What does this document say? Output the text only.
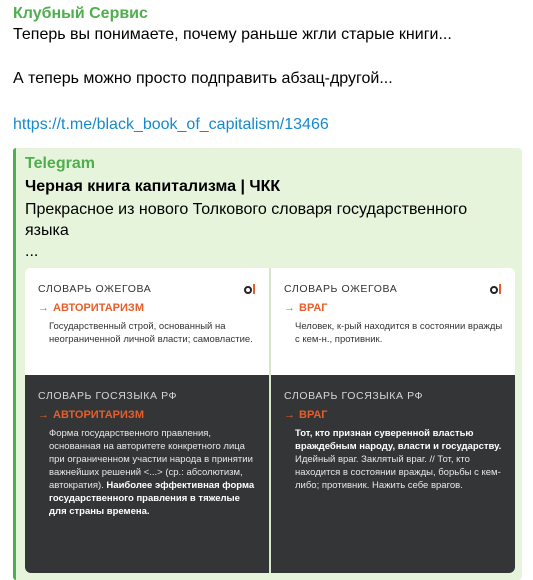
Клубный Сервис
Теперь вы понимаете, почему раньше жгли старые книги...
А теперь можно просто подправить абзац-другой...
https://t.me/black_book_of_capitalism/13466
Telegram
Черная книга капитализма | ЧКК
Прекрасное из нового Толкового словаря государственного языка
...
СЛОВАРЬ ОЖЕГОВА
→ АВТОРИТАРИЗМ
Государственный строй, основанный на неограниченной личной власти; самовластие.
СЛОВАРЬ ОЖЕГОВА
→ ВРАГ
Человек, к-рый находится в состоянии вражды с кем-н., противник.
СЛОВАРЬ ГОСЯЗЫКА РФ
→ АВТОРИТАРИЗМ
Форма государственного правления, основанная на авторитете конкретного лица при ограниченном участии народа в принятии важнейших решений <...> (ср.: абсолютизм, автократия). Наиболее эффективная форма государственного правления в тяжелые для страны времена.
СЛОВАРЬ ГОСЯЗЫКА РФ
→ ВРАГ
Тот, кто признан суверенной властью враждебным народу, власти и государству. Идейный враг. Заклятый враг. // Тот, кто находится в состоянии вражды, борьбы с кем-либо; противник. Нажить себе врагов.
